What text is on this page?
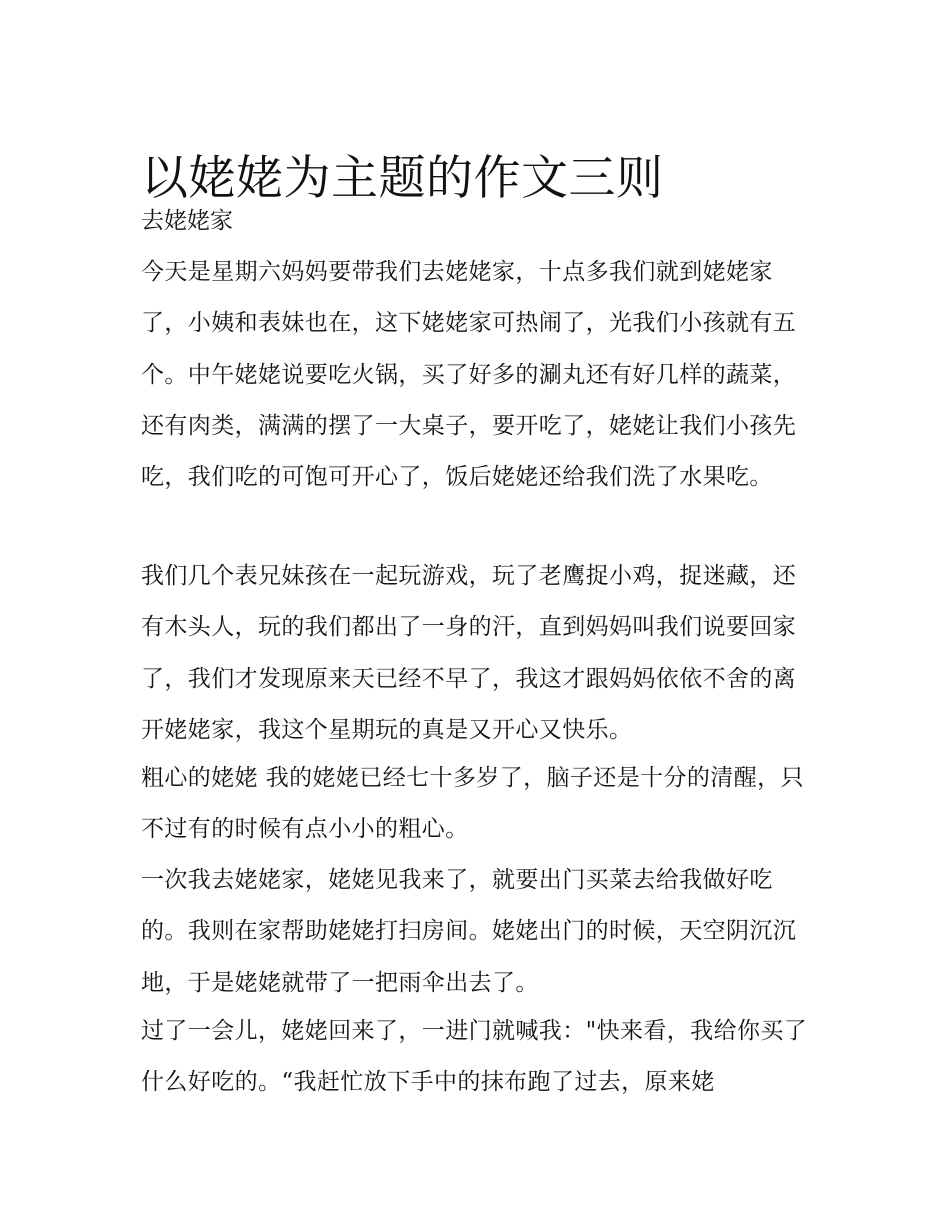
以姥姥为主题的作文三则
去姥姥家

今天是星期六妈妈要带我们去姥姥家，十点多我们就到姥姥家了，小姨和表妹也在，这下姥姥家可热闹了，光我们小孩就有五个。中午姥姥说要吃火锅，买了好多的涮丸还有好几样的蔬菜，还有肉类，满满的摆了一大桌子，要开吃了，姥姥让我们小孩先吃，我们吃的可饱可开心了，饭后姥姥还给我们洗了水果吃。

我们几个表兄妹孩在一起玩游戏，玩了老鹰捉小鸡，捉迷藏，还有木头人，玩的我们都出了一身的汗，直到妈妈叫我们说要回家了，我们才发现原来天已经不早了，我这才跟妈妈依依不舍的离开姥姥家，我这个星期玩的真是又开心又快乐。

粗心的姥姥 我的姥姥已经七十多岁了，脑子还是十分的清醒，只不过有的时候有点小小的粗心。

一次我去姥姥家，姥姥见我来了，就要出门买菜去给我做好吃的。我则在家帮助姥姥打扫房间。姥姥出门的时候，天空阴沉沉地，于是姥姥就带了一把雨伞出去了。

过了一会儿，姥姥回来了，一进门就喊我："快来看，我给你买了什么好吃的。“我赶忙放下手中的抹布跑了过去，原来姥
